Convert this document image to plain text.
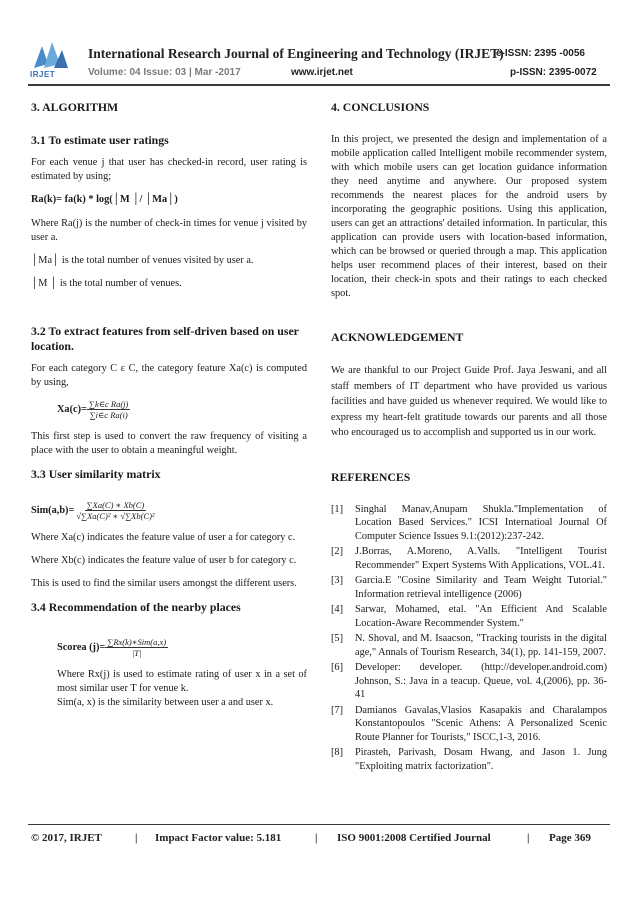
IRJET
International Research Journal of Engineering and Technology (IRJET)
e-ISSN: 2395 -0056
Volume: 04 Issue: 03 | Mar -2017	www.irjet.net	p-ISSN: 2395-0072
3. ALGORITHM
3.1 To estimate user ratings

For each venue j that user has checked-in record, user rating is estimated by using;

Ra(k)= fa(k) * log(│M │/ │Ma│)

Where Ra(j) is the number of check-in times for venue j visited by user a.

│Ma│ is the total number of venues visited by user a.

│M │ is the total number of venues.

3.2 To extract features from self-driven based on user location.

For each category C ε C, the category feature Xa(c) is computed by using,

$Xa(c)= \frac{\text{∑k∈c Ra(j)}}{\text{∑i∈c Ra(i)}}$

This first step is used to convert the raw frequency of visiting a place with the user to obtain a meaningful weight.

3.3 User similarity matrix
$Sim(a,b)= \frac{\sum Xa(C) ∗ Xb(C)}{\text{√∑Xa(C)² ∗ √∑Xb(C)²}}$

Where Xa(c) indicates the feature value of user a for category c.

Where Xb(c) indicates the feature value of user b for category c.

This is used to find the similar users amongst the different users.

3.4 Recommendation of the nearby places
Scorea $(j)= \frac{\text{∑Rx(k)∗Sim(a,x)}}{|T|}$

Where Rx(j) is used to estimate rating of user x in a set of most similar user T for venue k.

Sim(a, x) is the similarity between user a and user x.

4. CONCLUSIONS

In this project, we presented the design and implementation of a mobile application called Intelligent mobile recommender system, with which mobile users can get location guidance information they need anytime and anywhere. Our proposed system recommends the nearest places for the android users by incorporating the geographic positions. Using this application, users can get an attractions' detailed information. In particular, this application can provide users with location-based information, which can be browsed or queried through a map. This application helps user recommend places of their interest, based on their location, their check-in spots and their ratings to each checked spot.

ACKNOWLEDGEMENT

We are thankful to our Project Guide Prof. Jaya Jeswani, and all staff members of IT department who have provided us various facilities and have guided us whenever required. We would like to express my heart-felt gratitude towards our parents and all those who encouraged us to accomplish and supported us in our work.

REFERENCES
[1] Singhal Manav,Anupam Shukla."Implementation of Location Based Services." ICSI Internatioal Journal Of Computer Science Issues 9.1:(2012):237-242.
[2] J.Borras, A.Moreno, A.Valls. "Intelligent Tourist Recommender" Expert Systems With Applications, VOL.41.
[3] Garcia.E "Cosine Similarity and Team Weight Tutorial." Information retrieval intelligence (2006)
[4] Sarwar, Mohamed, etal. "An Efficient And Scalable Location-Aware Recommender System."
[5] N. Shoval, and M. Isaacson, "Tracking tourists in the digital age," Annals of Tourism Research, 34(1), pp. 141-159, 2007.
[6] Developer: developer. (http://developer.android.com) Johnson, S.: Java in a teacup. Queue, vol. 4,(2006), pp. 36-41
[7] Damianos Gavalas,Vlasios Kasapakis and Charalampos Konstantopoulos "Scenic Athens: A Personalized Scenic Route Planner for Tourists," ISCC,1-3, 2016.
[8] Pirasteh, Parivash, Dosam Hwang, and Jason 1. Jung "Exploiting matrix factorization".
© 2017, IRJET	| Impact Factor value: 5.181	| ISO 9001:2008 Certified Journal	| Page 369
